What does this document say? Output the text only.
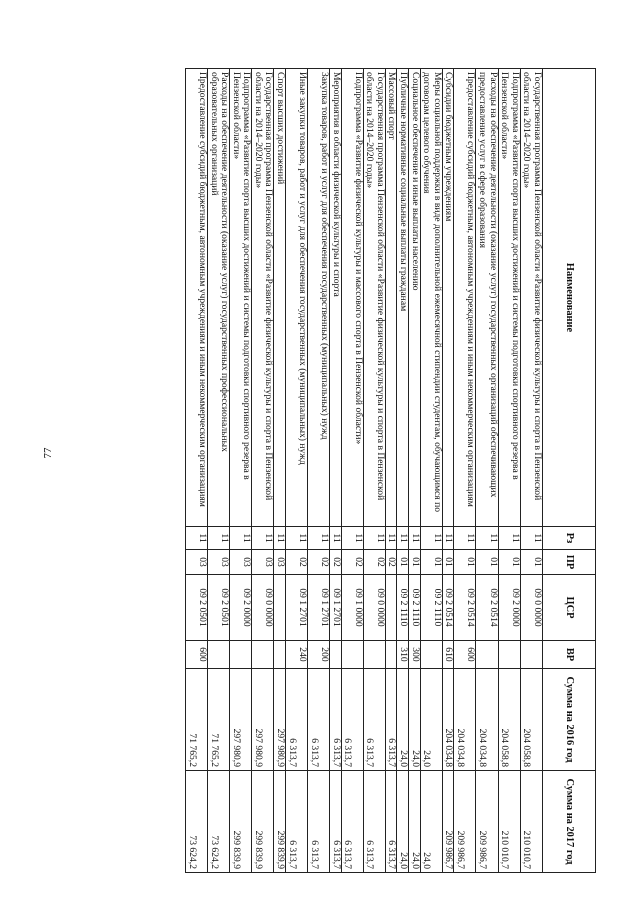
77
Наименование	Рз	ПР	ЦСР	ВР	Сумма на 2016 год	Сумма на 2017 год
Государственная программа Пензенской области «Развитие физической культуры и спорта в Пензенской области на 2014–2020 годы»	11	01	09 0 0000		204 058,8	210 010,7
Подпрограмма «Развитие спорта высших достижений и системы подготовки спортивного резерва в Пензенской области»	11	01	09 2 0000		204 058,8	210 010,7
Расходы на обеспечение деятельности (оказание услуг) государственных организаций обеспечивающих предоставление услуг в сфере образования	11	01	09 2 0514		204 034,8	209 986,7
Предоставление субсидий бюджетным, автономным учреждениям и иным некоммерческим организациям	11	01	09 2 0514	600	204 034,8	209 986,7
Субсидии бюджетным учреждениям	11	01	09 2 0514	610	204 034,8	209 986,7
Меры социальной поддержки в виде дополнительной ежемесячной стипендии студентам, обучающимся по договорам целевого обучения	11	01	09 2 1110		24,0	24,0
Социальное обеспечение и иные выплаты населению	11	01	09 2 1110	300	24,0	24,0
Публичные нормативные социальные выплаты гражданам	11	01	09 2 1110	310	24,0	24,0
Массовый спорт	11	02			6 313,7	6 313,7
Государственная программа Пензенской области «Развитие физической культуры и спорта в Пензенской области на 2014–2020 годы»	11	02	09 0 0000		6 313,7	6 313,7
Подпрограмма «Развитие физической культуры и массового спорта в Пензенской области»	11	02	09 1 0000		6 313,7	6 313,7
Мероприятия в области физической культуры и спорта	11	02	09 1 2701		6 313,7	6 313,7
Закупка товаров, работ и услуг для обеспечения государственных (муниципальных) нужд	11	02	09 1 2701	200	6 313,7	6 313,7
Иные закупки товаров, работ и услуг для обеспечения государственных (муниципальных) нужд	11	02	09 1 2701	240	6 313,7	6 313,7
Спорт высших достижений	11	03			297 980,9	299 839,9
Государственная программа Пензенской области «Развитие физической культуры и спорта в Пензенской области на 2014–2020 годы»	11	03	09 0 0000		297 980,9	299 839,9
Подпрограмма «Развитие спорта высших достижений и системы подготовки спортивного резерва в Пензенской области»	11	03	09 2 0000		297 980,9	299 839,9
Расходы на обеспечение деятельности (оказание услуг) государственных профессиональных образовательных организаций	11	03	09 2 0501		71 765,2	73 624,2
Предоставление субсидий бюджетным, автономным учреждениям и иным некоммерческим организациям	11	03	09 2 0501	600	71 765,2	73 624,2
